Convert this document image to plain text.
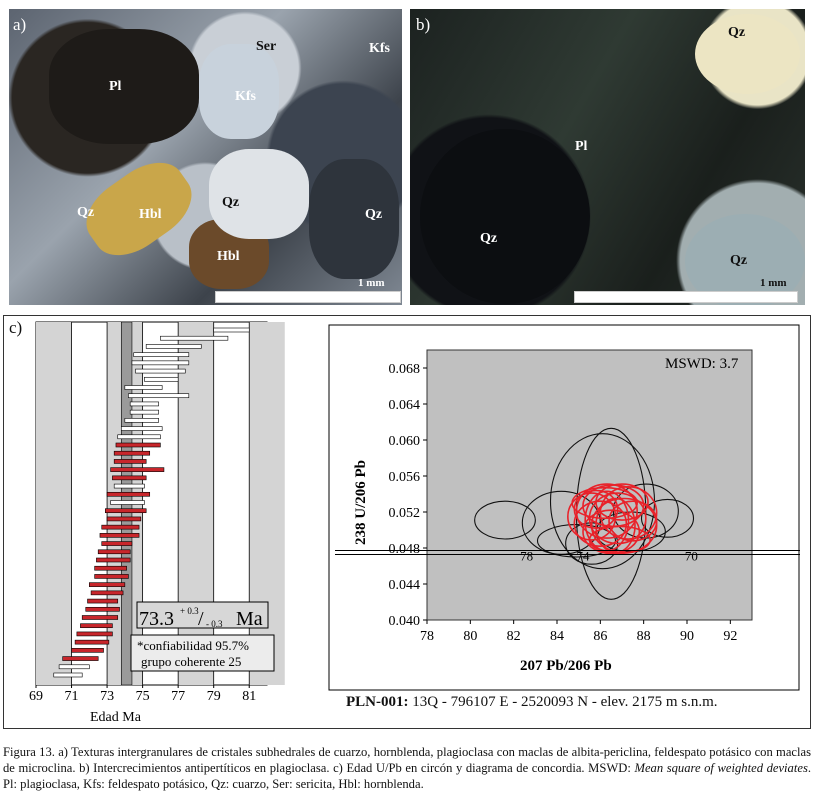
a)
Pl
Ser	Kfs
Kfs
Qz	Hbl
Qz
Qz
Hbl
1 mm
b)	Qz
Pl
Qz
Qz
1 mm
c)
69 71 73 75 77 79 81
73.3 + 0.3 / - 0.3 Ma
*confiabilidad 95.7%
grupo coherente 25
Edad Ma
78	74	70
78 80 82 84 86 88 90 92
0.040
0.044
0.048
0.052
0.056
0.060
0.064
0.068	MSWD: 3.7
207 Pb/206 Pb
238 U/206 Pb
PLN-001: 13Q - 796107 E - 2520093 N - elev. 2175 m s.n.m.
Figura 13. a) Texturas intergranulares de cristales subhedrales de cuarzo, hornblenda, plagioclasa con maclas de albita-periclina, feldespato potásico con maclas de microclina. b) Intercrecimientos antipertíticos en plagioclasa. c) Edad U/Pb en circón y diagrama de concordia. MSWD: Mean square of weighted deviates. Pl: plagioclasa, Kfs: feldespato potásico, Qz: cuarzo, Ser: sericita, Hbl: hornblenda.
